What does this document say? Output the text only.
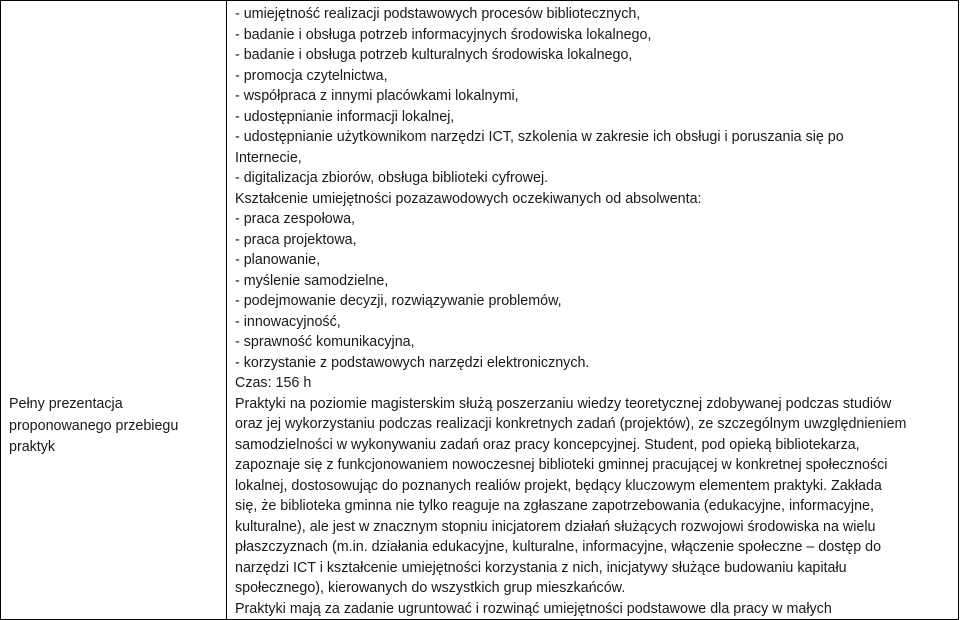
Pełny prezentacja proponowanego przebiegu praktyk

- umiejętność realizacji podstawowych procesów bibliotecznych,
- badanie i obsługa potrzeb informacyjnych środowiska lokalnego,
- badanie i obsługa potrzeb kulturalnych środowiska lokalnego,
- promocja czytelnictwa,
- współpraca z innymi placówkami lokalnymi,
- udostępnianie informacji lokalnej,
- udostępnianie użytkownikom narzędzi ICT, szkolenia w zakresie ich obsługi i poruszania się po
Internecie,
- digitalizacja zbiorów, obsługa biblioteki cyfrowej.
Kształcenie umiejętności pozazawodowych oczekiwanych od absolwenta:
- praca zespołowa,
- praca projektowa,
- planowanie,
- myślenie samodzielne,
- podejmowanie decyzji, rozwiązywanie problemów,
- innowacyjność,
- sprawność komunikacyjna,
- korzystanie z podstawowych narzędzi elektronicznych.
Czas: 156 h
Praktyki na poziomie magisterskim służą poszerzaniu wiedzy teoretycznej zdobywanej podczas studiów
oraz jej wykorzystaniu podczas realizacji konkretnych zadań (projektów), ze szczególnym uwzględnieniem
samodzielności w wykonywaniu zadań oraz pracy koncepcyjnej. Student, pod opieką bibliotekarza,
zapoznaje się z funkcjonowaniem nowoczesnej biblioteki gminnej pracującej w konkretnej społeczności
lokalnej, dostosowując do poznanych realiów projekt, będący kluczowym elementem praktyki. Zakłada
się, że biblioteka gminna nie tylko reaguje na zgłaszane zapotrzebowania (edukacyjne, informacyjne,
kulturalne), ale jest w znacznym stopniu inicjatorem działań służących rozwojowi środowiska na wielu
płaszczyznach (m.in. działania edukacyjne, kulturalne, informacyjne, włączenie społeczne – dostęp do
narzędzi ICT i kształcenie umiejętności korzystania z nich, inicjatywy służące budowaniu kapitału
społecznego), kierowanych do wszystkich grup mieszkańców.
Praktyki mają za zadanie ugruntować i rozwinąć umiejętności podstawowe dla pracy w małych
